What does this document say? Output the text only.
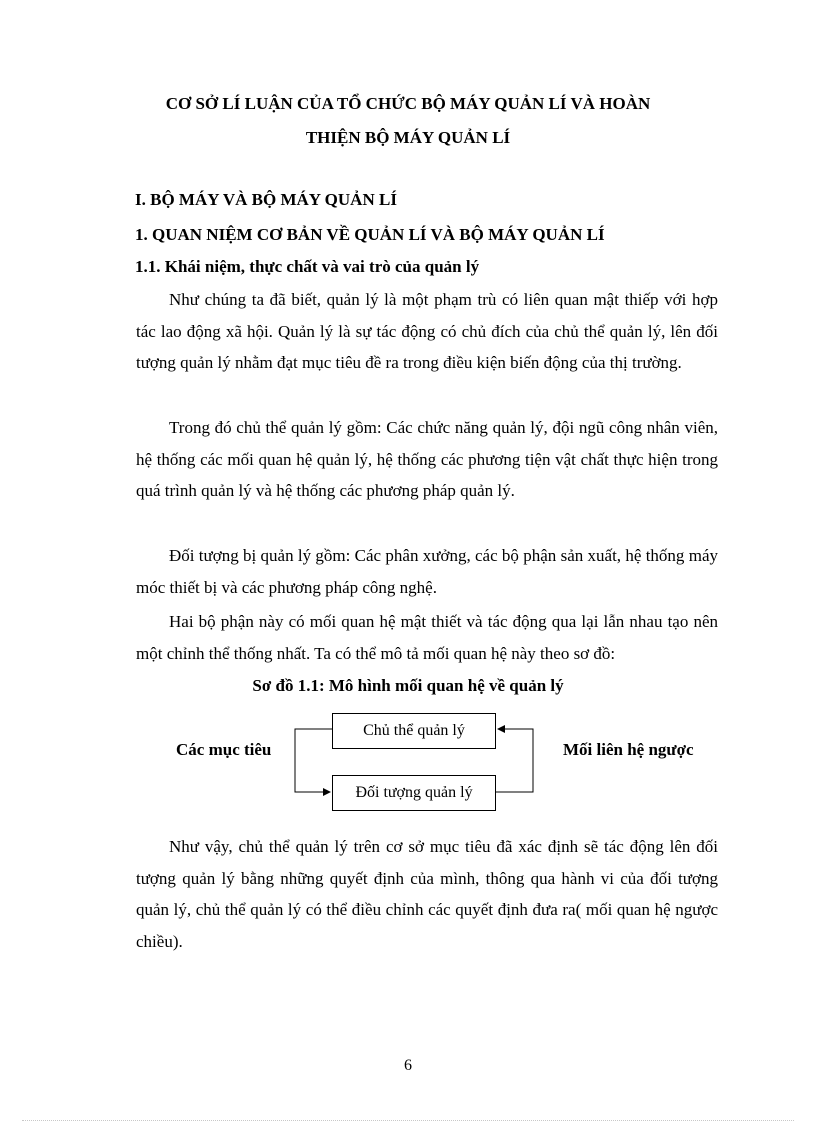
CƠ SỞ LÍ LUẬN CỦA TỔ CHỨC BỘ MÁY QUẢN LÍ VÀ HOÀN
THIỆN BỘ MÁY QUẢN LÍ
I. BỘ MÁY VÀ BỘ MÁY QUẢN LÍ
1. QUAN NIỆM CƠ BẢN VỀ QUẢN LÍ VÀ BỘ MÁY QUẢN LÍ
1.1. Khái niệm, thực chất và vai trò của quản lý

Như chúng ta đã biết, quản lý là một phạm trù có liên quan mật thiếp với hợp tác lao động xã hội. Quản lý là sự tác động có chủ đích của chủ thể quản lý, lên đối tượng quản lý nhằm đạt mục tiêu đề ra trong điều kiện biến động của thị trường.

Trong đó chủ thể quản lý gồm: Các chức năng quản lý, đội ngũ công nhân viên, hệ thống các mối quan hệ quản lý, hệ thống các phương tiện vật chất thực hiện trong quá trình quản lý và hệ thống các phương pháp quản lý.

Đối tượng bị quản lý gồm: Các phân xưởng, các bộ phận sản xuất, hệ thống máy móc thiết bị và các phương pháp công nghệ.

Hai bộ phận này có mối quan hệ mật thiết và tác động qua lại lẫn nhau tạo nên một chỉnh thể thống nhất. Ta có thể mô tả mối quan hệ này theo sơ đồ:

Sơ đồ 1.1: Mô hình mối quan hệ về quản lý
Chủ thể quản lý
Đối tượng quản lý
Các mục tiêu	Mối liên hệ ngược

Như vậy, chủ thể quản lý trên cơ sở mục tiêu đã xác định sẽ tác động lên đối tượng quản lý bằng những quyết định của mình, thông qua hành vi của đối tượng quản lý, chủ thể quản lý có thể điều chỉnh các quyết định đưa ra( mối quan hệ ngược chiều).

6
